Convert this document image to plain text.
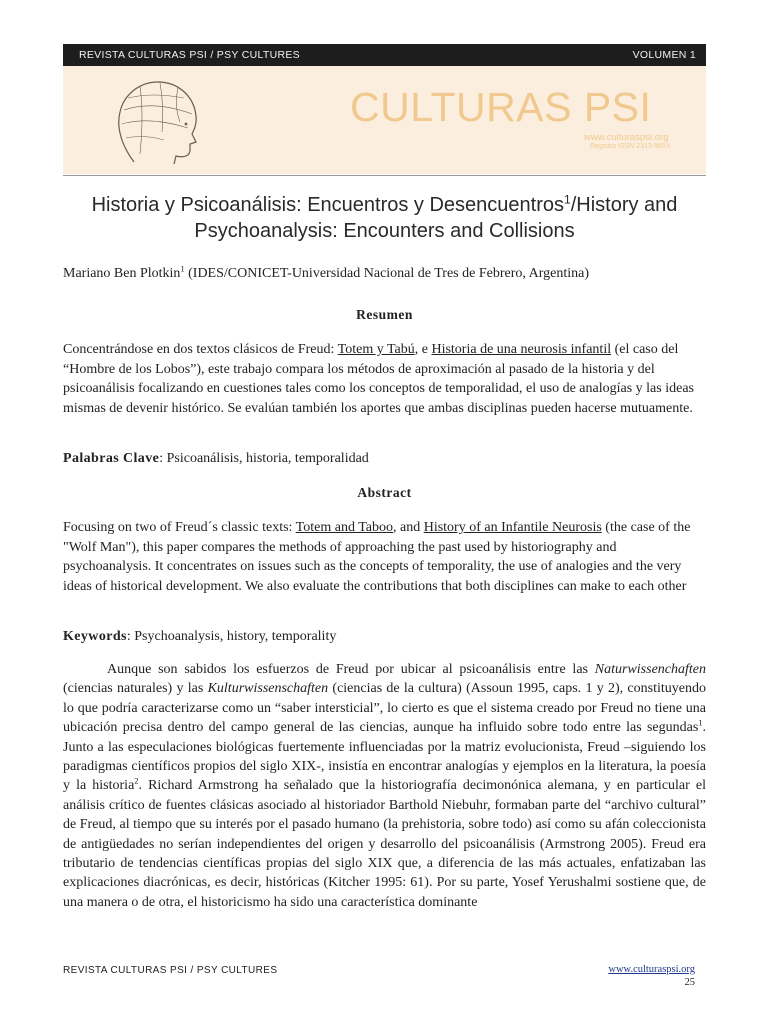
REVISTA CULTURAS PSI / PSY CULTURES	VOLUMEN 1
CULTURAS PSI
www.culturaspsi.org
Registro ISSN 2313-965X
Historia y Psicoanálisis: Encuentros y Desencuentros$^1$/History and Psychoanalysis: Encounters and Collisions
Mariano Ben Plotkin$^1$ (IDES/CONICET-Universidad Nacional de Tres de Febrero, Argentina)
Resumen
Concentrándose en dos textos clásicos de Freud: Totem y Tabú, e Historia de una neurosis infantil (el caso del “Hombre de los Lobos”), este trabajo compara los métodos de aproximación al pasado de la historia y del psicoanálisis focalizando en cuestiones tales como los conceptos de temporalidad, el uso de analogías y las ideas mismas de devenir histórico. Se evalúan también los aportes que ambas disciplinas pueden hacerse mutuamente.
Palabras Clave: Psicoanálisis, historia, temporalidad
Abstract
Focusing on two of Freud´s classic texts: Totem and Taboo, and History of an Infantile Neurosis (the case of the "Wolf Man"), this paper compares the methods of approaching the past used by historiography and psychoanalysis. It concentrates on issues such as the concepts of temporality, the use of analogies and the very ideas of historical development. We also evaluate the contributions that both disciplines can make to each other
Keywords: Psychoanalysis, history, temporality
Aunque son sabidos los esfuerzos de Freud por ubicar al psicoanálisis entre las Naturwissenchaften (ciencias naturales) y las Kulturwissenschaften (ciencias de la cultura) (Assoun 1995, caps. 1 y 2), constituyendo lo que podría caracterizarse como un “saber intersticial”, lo cierto es que el sistema creado por Freud no tiene una ubicación precisa dentro del campo general de las ciencias, aunque ha influido sobre todo entre las segundas$^1$. Junto a las especulaciones biológicas fuertemente influenciadas por la matriz evolucionista, Freud –siguiendo los paradigmas científicos propios del siglo XIX-, insistía en encontrar analogías y ejemplos en la literatura, la poesía y la historia$^2$. Richard Armstrong ha señalado que la historiografía decimonónica alemana, y en particular el análisis crítico de fuentes clásicas asociado al historiador Barthold Niebuhr, formaban parte del “archivo cultural” de Freud, al tiempo que su interés por el pasado humano (la prehistoria, sobre todo) así como su afán coleccionista de antigüedades no serían independientes del origen y desarrollo del psicoanálisis (Armstrong 2005). Freud era tributario de tendencias científicas propias del siglo XIX que, a diferencia de las más actuales, enfatizaban las explicaciones diacrónicas, es decir, históricas (Kitcher 1995: 61). Por su parte, Yosef Yerushalmi sostiene que, de una manera o de otra, el historicismo ha sido una característica dominante
REVISTA CULTURAS PSI / PSY CULTURES	www.culturaspsi.org
25
